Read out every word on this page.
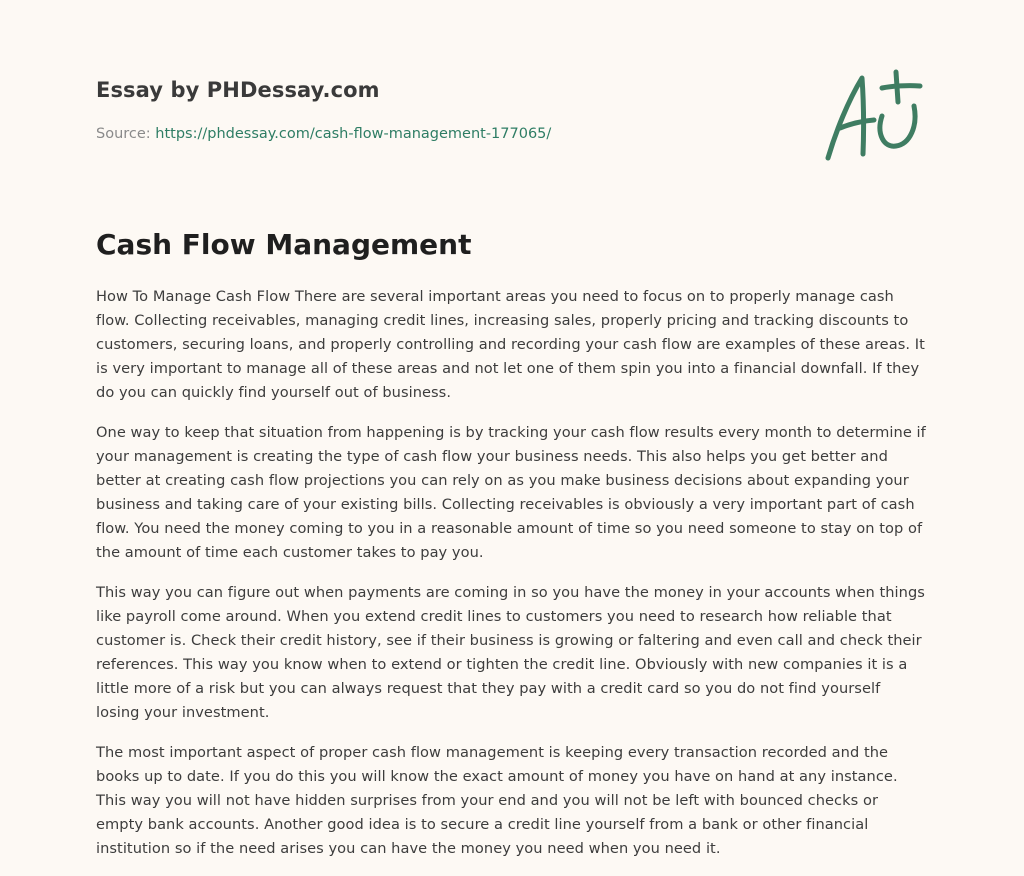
Essay by PHDessay.com

Source: https://phdessay.com/cash-flow-management-177065/
Cash Flow Management

How To Manage Cash Flow There are several important areas you need to focus on to properly manage cash flow. Collecting receivables, managing credit lines, increasing sales, properly pricing and tracking discounts to customers, securing loans, and properly controlling and recording your cash flow are examples of these areas. It is very important to manage all of these areas and not let one of them spin you into a financial downfall. If they do you can quickly find yourself out of business.

One way to keep that situation from happening is by tracking your cash flow results every month to determine if your management is creating the type of cash flow your business needs. This also helps you get better and better at creating cash flow projections you can rely on as you make business decisions about expanding your business and taking care of your existing bills. Collecting receivables is obviously a very important part of cash flow. You need the money coming to you in a reasonable amount of time so you need someone to stay on top of the amount of time each customer takes to pay you.

This way you can figure out when payments are coming in so you have the money in your accounts when things like payroll come around. When you extend credit lines to customers you need to research how reliable that customer is. Check their credit history, see if their business is growing or faltering and even call and check their references. This way you know when to extend or tighten the credit line. Obviously with new companies it is a little more of a risk but you can always request that they pay with a credit card so you do not find yourself losing your investment.

The most important aspect of proper cash flow management is keeping every transaction recorded and the books up to date. If you do this you will know the exact amount of money you have on hand at any instance. This way you will not have hidden surprises from your end and you will not be left with bounced checks or empty bank accounts. Another good idea is to secure a credit line yourself from a bank or other financial institution so if the need arises you can have the money you need when you need it.
